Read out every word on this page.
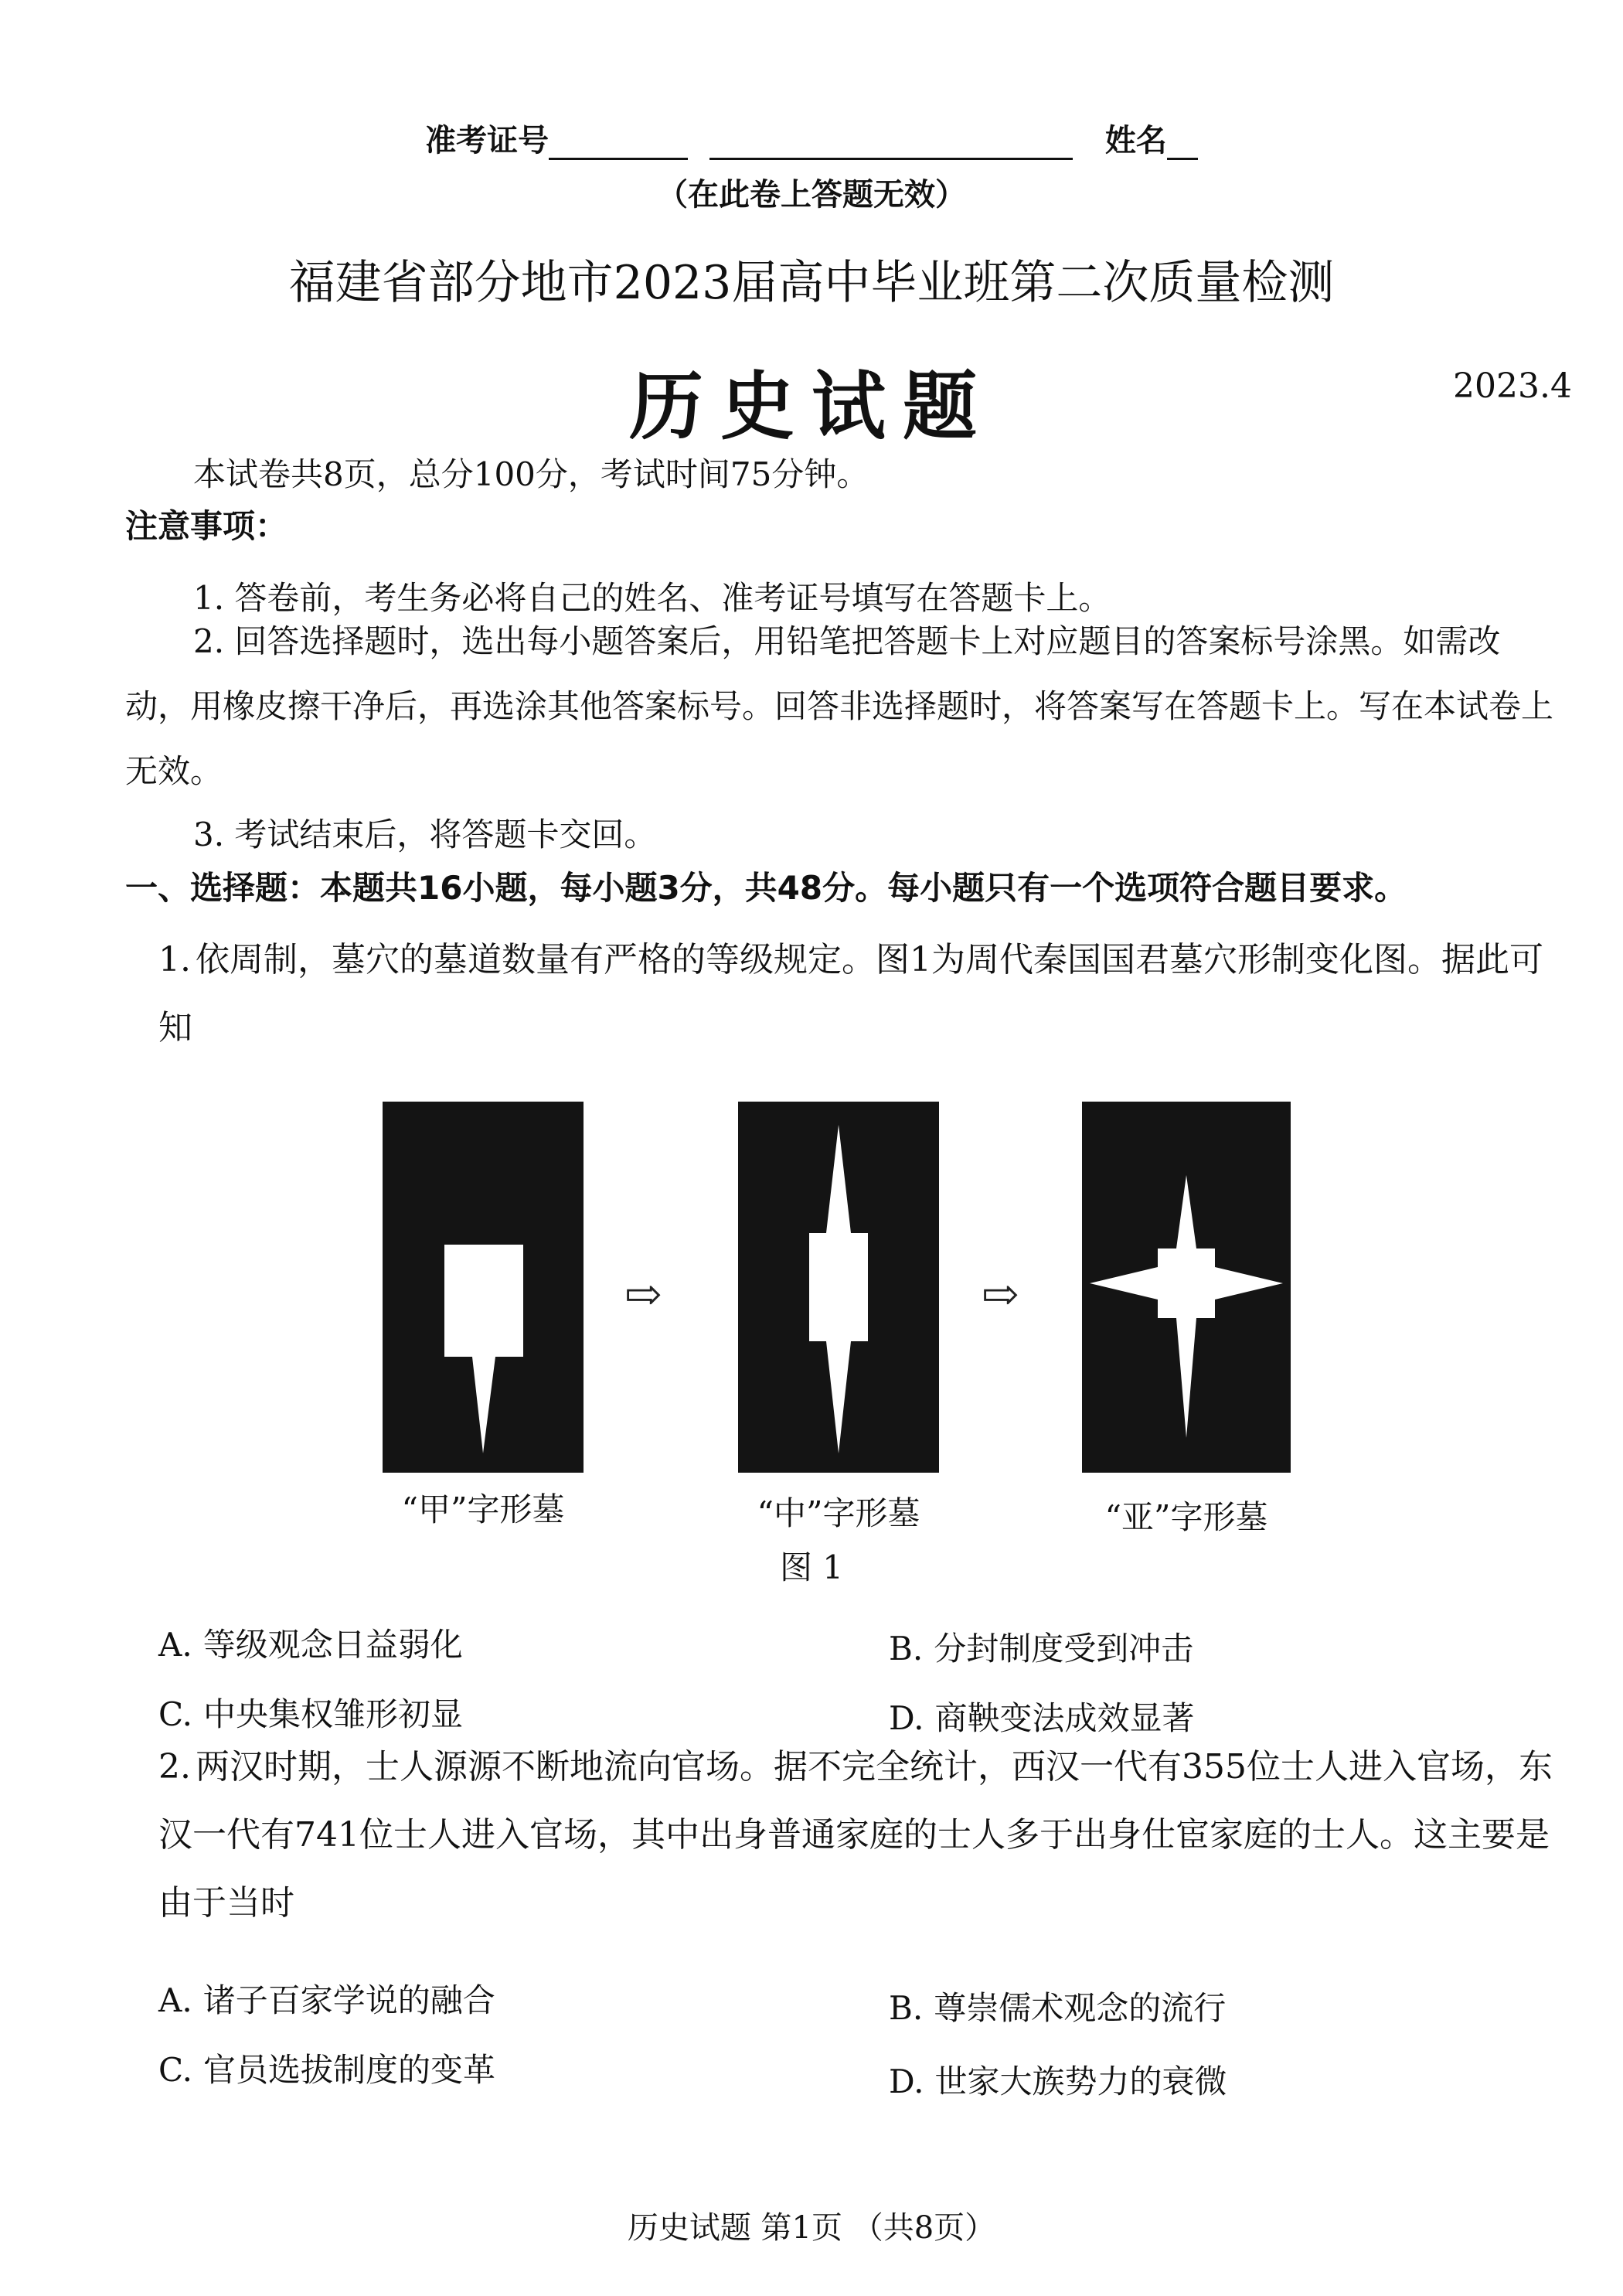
准考证号	姓名
（在此卷上答题无效）
福建省部分地市2023届高中毕业班第二次质量检测
历史试题	2023.4
本试卷共8页，总分100分，考试时间75分钟。
注意事项：
1. 答卷前，考生务必将自己的姓名、准考证号填写在答题卡上。
2. 回答选择题时，选出每小题答案后，用铅笔把答题卡上对应题目的答案标号涂黑。如需改动，用橡皮擦干净后，再选涂其他答案标号。回答非选择题时，将答案写在答题卡上。写在本试卷上无效。
3. 考试结束后，将答题卡交回。
一、选择题：本题共16小题，每小题3分，共48分。每小题只有一个选项符合题目要求。
1. 依周制，墓穴的墓道数量有严格的等级规定。图1为周代秦国国君墓穴形制变化图。据此可知
⇨	⇨
“甲”字形墓	“中”字形墓	“亚”字形墓
图 1
A. 等级观念日益弱化	B. 分封制度受到冲击
C. 中央集权雏形初显	D. 商鞅变法成效显著
2. 两汉时期，士人源源不断地流向官场。据不完全统计，西汉一代有355位士人进入官场，东汉一代有741位士人进入官场，其中出身普通家庭的士人多于出身仕宦家庭的士人。这主要是由于当时
A. 诸子百家学说的融合	B. 尊崇儒术观念的流行
C. 官员选拔制度的变革	D. 世家大族势力的衰微
历史试题 第1页 （共8页）
